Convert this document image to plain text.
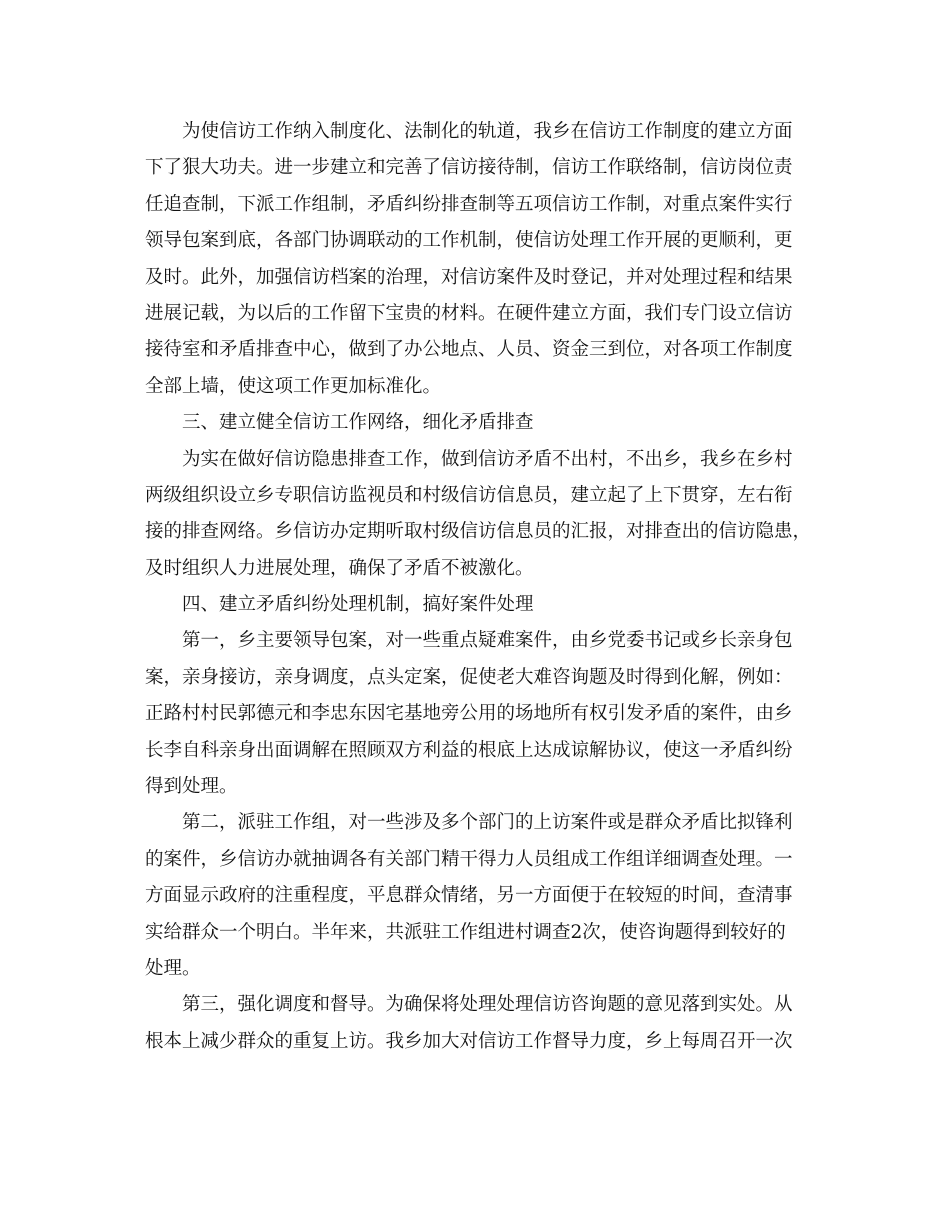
为使信访工作纳入制度化、法制化的轨道，我乡在信访工作制度的建立方面
下了狠大功夫。进一步建立和完善了信访接待制，信访工作联络制，信访岗位责
任追查制，下派工作组制，矛盾纠纷排查制等五项信访工作制，对重点案件实行
领导包案到底，各部门协调联动的工作机制，使信访处理工作开展的更顺利，更
及时。此外，加强信访档案的治理，对信访案件及时登记，并对处理过程和结果
进展记载，为以后的工作留下宝贵的材料。在硬件建立方面，我们专门设立信访
接待室和矛盾排查中心，做到了办公地点、人员、资金三到位，对各项工作制度
全部上墙，使这项工作更加标准化。
三、建立健全信访工作网络，细化矛盾排查
为实在做好信访隐患排查工作，做到信访矛盾不出村，不出乡，我乡在乡村
两级组织设立乡专职信访监视员和村级信访信息员，建立起了上下贯穿，左右衔
接的排查网络。乡信访办定期听取村级信访信息员的汇报，对排查出的信访隐患，
及时组织人力进展处理，确保了矛盾不被激化。
四、建立矛盾纠纷处理机制，搞好案件处理
第一，乡主要领导包案，对一些重点疑难案件，由乡党委书记或乡长亲身包
案，亲身接访，亲身调度，点头定案，促使老大难咨询题及时得到化解，例如：
正路村村民郭德元和李忠东因宅基地旁公用的场地所有权引发矛盾的案件，由乡
长李自科亲身出面调解在照顾双方利益的根底上达成谅解协议，使这一矛盾纠纷
得到处理。
第二，派驻工作组，对一些涉及多个部门的上访案件或是群众矛盾比拟锋利
的案件，乡信访办就抽调各有关部门精干得力人员组成工作组详细调查处理。一
方面显示政府的注重程度，平息群众情绪，另一方面便于在较短的时间，查清事
实给群众一个明白。半年来，共派驻工作组进村调查2次，使咨询题得到较好的
处理。
第三，强化调度和督导。为确保将处理处理信访咨询题的意见落到实处。从
根本上减少群众的重复上访。我乡加大对信访工作督导力度，乡上每周召开一次
